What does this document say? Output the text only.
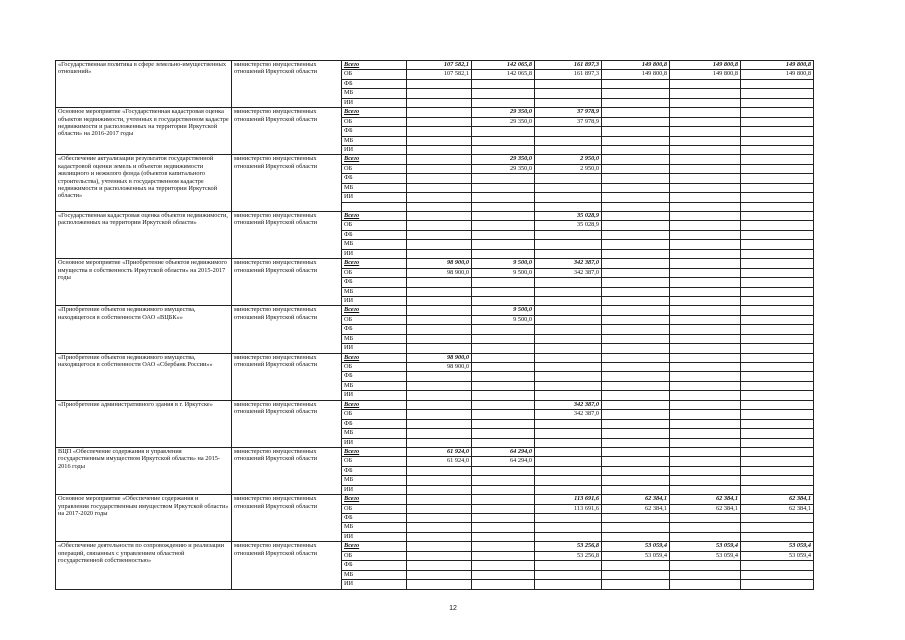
«Государственная политика в сфере земельно-имущественных отношений»	министерство имущественных отношений Иркутской области	Всего	107 582,1	142 065,8	161 897,3	149 800,8	149 800,8	149 800,8
		ОБ	107 582,1	142 065,8	161 897,3	149 800,8	149 800,8	149 800,8
		ФБ						
		МБ						
		ИИ						
Основное мероприятие «Государственная кадастровая оценка объектов недвижимости, учтенных в государственном кадастре недвижимости и расположенных на территории Иркутской области» на 2016-2017 годы	министерство имущественных отношений Иркутской области	Всего		29 350,0	37 978,9			
		ОБ		29 350,0	37 978,9			
		ФБ						
		МБ						
		ИИ						
«Обеспечение актуализации результатов государственной кадастровой оценки земель и объектов недвижимости жилищного и нежилого фонда (объектов капитального строительства), учтенных в государственном кадастре недвижимости и расположенных на территории Иркутской области»	министерство имущественных отношений Иркутской области	Всего		29 350,0	2 950,0			
		ОБ		29 350,0	2 950,0			
		ФБ						
		МБ						
		ИИ						

«Государственная кадастровая оценка объектов недвижимости, расположенных на территории Иркутской области»	министерство имущественных отношений Иркутской области	Всего			35 028,9			
		ОБ			35 028,9			
		ФБ						
		МБ						
		ИИ						
Основное мероприятие «Приобретение объектов недвижимого имущества в собственность Иркутской области» на 2015-2017 годы	министерство имущественных отношений Иркутской области	Всего	98 900,0	9 500,0	342 387,0			
		ОБ	98 900,0	9 500,0	342 387,0			
		ФБ						
		МБ						
		ИИ						
«Приобретение объектов недвижимого имущества, находящегося в собственности ОАО «ВЦБК»»	министерство имущественных отношений Иркутской области	Всего		9 500,0				
		ОБ		9 500,0				
		ФБ						
		МБ						
		ИИ						
«Приобретение объектов недвижимого имущества, находящегося в собственности ОАО «Сбербанк России»»	министерство имущественных отношений Иркутской области	Всего	98 900,0					
		ОБ	98 900,0					
		ФБ						
		МБ						
		ИИ						
«Приобретение административного здания в г. Иркутске»	министерство имущественных отношений Иркутской области	Всего			342 387,0			
		ОБ			342 387,0			
		ФБ						
		МБ						
		ИИ						
ВЦП «Обеспечение содержания и управления государственным имуществом Иркутской области» на 2015-2016 годы	министерство имущественных отношений Иркутской области	Всего	61 924,0	64 294,0				
		ОБ	61 924,0	64 294,0				
		ФБ						
		МБ						
		ИИ						
Основное мероприятие «Обеспечение содержания и управления государственным имуществом Иркутской области» на 2017-2020 годы	министерство имущественных отношений Иркутской области	Всего			113 691,6	62 384,1	62 384,1	62 384,1
		ОБ			113 691,6	62 384,1	62 384,1	62 384,1
		ФБ						
		МБ						
		ИИ						
«Обеспечение деятельности по сопровождению и реализации операций, связанных с управлением областной государственной собственностью»	министерство имущественных отношений Иркутской области	Всего			53 256,8	53 059,4	53 059,4	53 059,4
		ОБ			53 256,8	53 059,4	53 059,4	53 059,4
		ФБ						
		МБ						
		ИИ						
12
